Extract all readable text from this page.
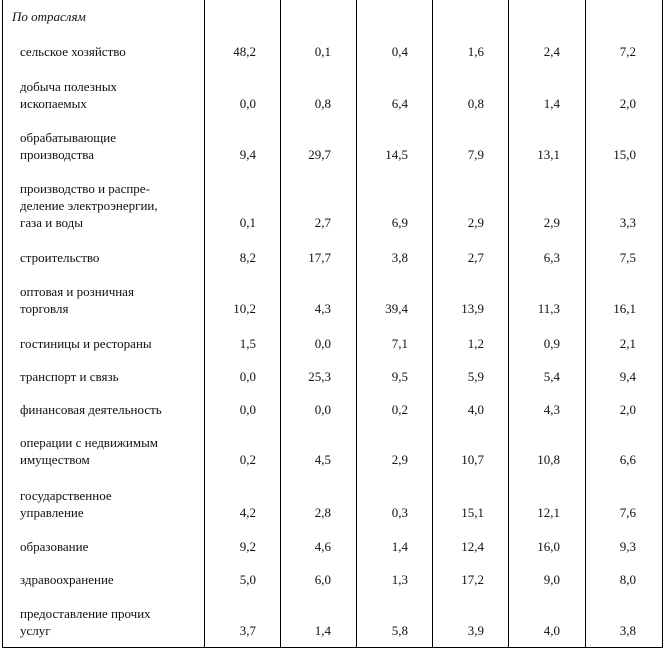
По отраслям
сельское хозяйство	48,2	0,1	0,4	1,6	2,4	7,2
добыча полезных
ископаемых	0,0	0,8	6,4	0,8	1,4	2,0
обрабатывающие
производства	9,4	29,7	14,5	7,9	13,1	15,0
производство и распре-
деление электроэнергии,
газа и воды	0,1	2,7	6,9	2,9	2,9	3,3
строительство	8,2	17,7	3,8	2,7	6,3	7,5
оптовая и розничная
торговля	10,2	4,3	39,4	13,9	11,3	16,1
гостиницы и рестораны	1,5	0,0	7,1	1,2	0,9	2,1
транспорт и связь	0,0	25,3	9,5	5,9	5,4	9,4
финансовая деятельность	0,0	0,0	0,2	4,0	4,3	2,0
операции с недвижимым
имуществом	0,2	4,5	2,9	10,7	10,8	6,6
государственное
управление	4,2	2,8	0,3	15,1	12,1	7,6
образование	9,2	4,6	1,4	12,4	16,0	9,3
здравоохранение	5,0	6,0	1,3	17,2	9,0	8,0
предоставление прочих
услуг	3,7	1,4	5,8	3,9	4,0	3,8
